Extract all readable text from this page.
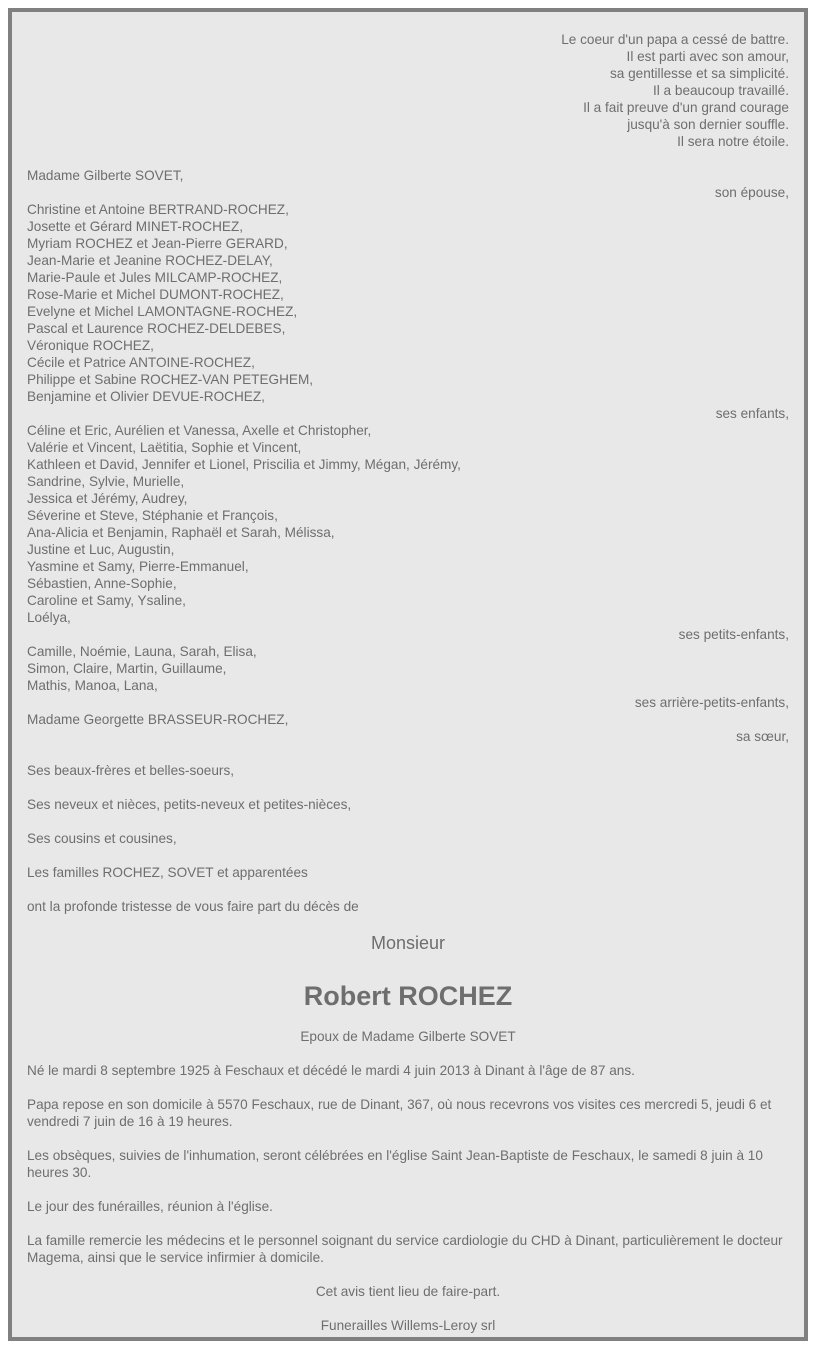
Le coeur d'un papa a cessé de battre.
Il est parti avec son amour,
sa gentillesse et sa simplicité.
Il a beaucoup travaillé.
Il a fait preuve d'un grand courage
jusqu'à son dernier souffle.
Il sera notre étoile.
Madame Gilberte SOVET,
son épouse,
Christine et Antoine BERTRAND-ROCHEZ,
Josette et Gérard MINET-ROCHEZ,
Myriam ROCHEZ et Jean-Pierre GERARD,
Jean-Marie et Jeanine ROCHEZ-DELAY,
Marie-Paule et Jules MILCAMP-ROCHEZ,
Rose-Marie et Michel DUMONT-ROCHEZ,
Evelyne et Michel LAMONTAGNE-ROCHEZ,
Pascal et Laurence ROCHEZ-DELDEBES,
Véronique ROCHEZ,
Cécile et Patrice ANTOINE-ROCHEZ,
Philippe et Sabine ROCHEZ-VAN PETEGHEM,
Benjamine et Olivier DEVUE-ROCHEZ,
ses enfants,
Céline et Eric, Aurélien et Vanessa, Axelle et Christopher,
Valérie et Vincent, Laëtitia, Sophie et Vincent,
Kathleen et David, Jennifer et Lionel, Priscilia et Jimmy, Mégan, Jérémy,
Sandrine, Sylvie, Murielle,
Jessica et Jérémy, Audrey,
Séverine et Steve, Stéphanie et François,
Ana-Alicia et Benjamin, Raphaël et Sarah, Mélissa,
Justine et Luc, Augustin,
Yasmine et Samy, Pierre-Emmanuel,
Sébastien, Anne-Sophie,
Caroline et Samy, Ysaline,
Loélya,
ses petits-enfants,
Camille, Noémie, Launa, Sarah, Elisa,
Simon, Claire, Martin, Guillaume,
Mathis, Manoa, Lana,
ses arrière-petits-enfants,
Madame Georgette BRASSEUR-ROCHEZ,
sa sœur,

Ses beaux-frères et belles-soeurs,

Ses neveux et nièces, petits-neveux et petites-nièces,

Ses cousins et cousines,

Les familles ROCHEZ, SOVET et apparentées

ont la profonde tristesse de vous faire part du décès de

Monsieur

Robert ROCHEZ

Epoux de Madame Gilberte SOVET

Né le mardi 8 septembre 1925 à Feschaux et décédé le mardi 4 juin 2013 à Dinant à l'âge de 87 ans.

Papa repose en son domicile à 5570 Feschaux, rue de Dinant, 367, où nous recevrons vos visites ces mercredi 5, jeudi 6 et vendredi 7 juin de 16 à 19 heures.

Les obsèques, suivies de l'inhumation, seront célébrées en l'église Saint Jean-Baptiste de Feschaux, le samedi 8 juin à 10 heures 30.

Le jour des funérailles, réunion à l'église.

La famille remercie les médecins et le personnel soignant du service cardiologie du CHD à Dinant, particulièrement le docteur Magema, ainsi que le service infirmier à domicile.

Cet avis tient lieu de faire-part.

Funerailles Willems-Leroy srl
